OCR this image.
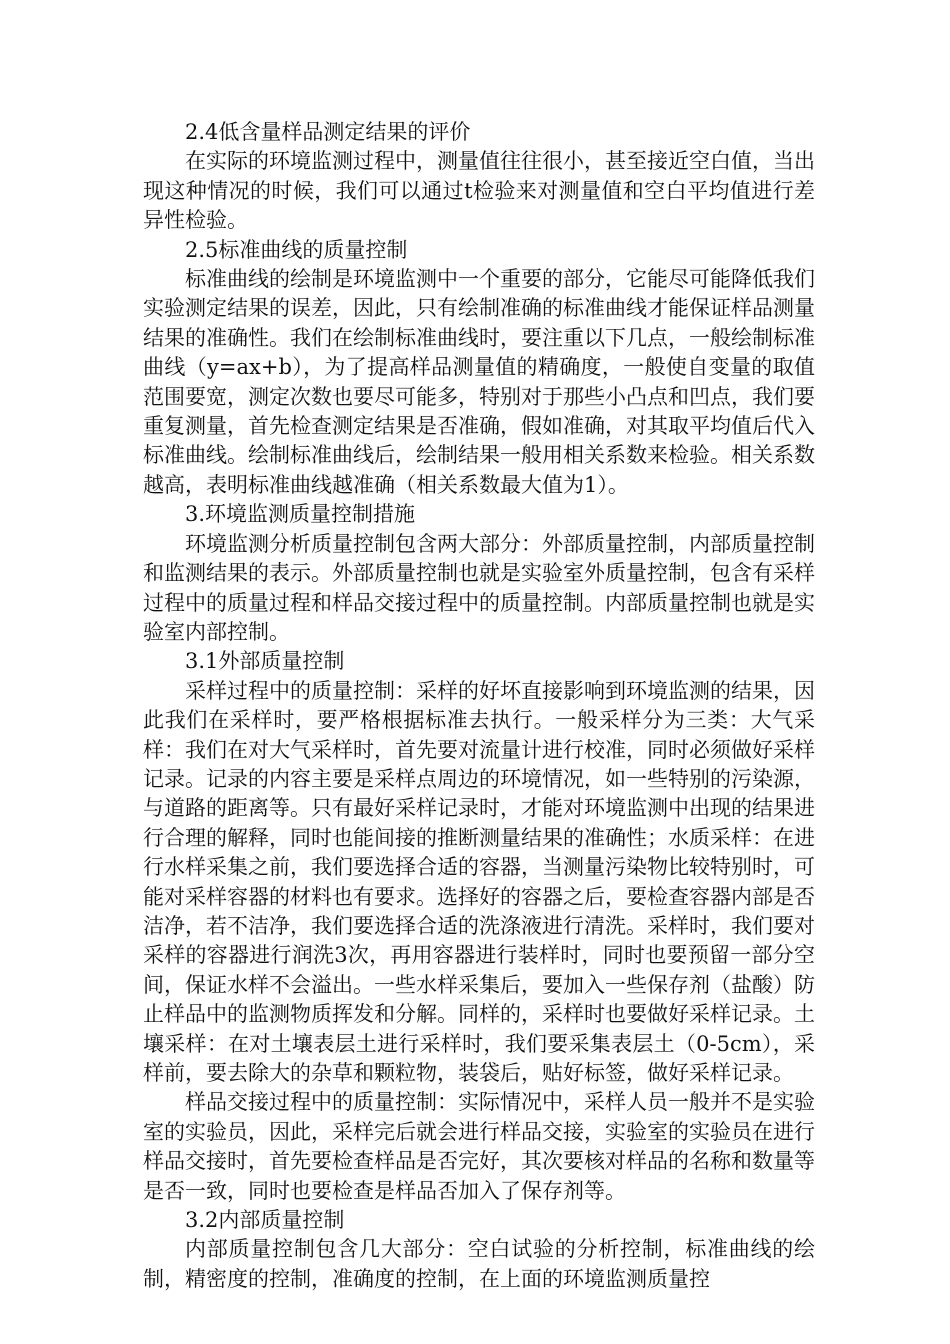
2.4低含量样品测定结果的评价

在实际的环境监测过程中，测量值往往很小，甚至接近空白值，当出现这种情况的时候，我们可以通过t检验来对测量值和空白平均值进行差异性检验。

2.5标准曲线的质量控制

标准曲线的绘制是环境监测中一个重要的部分，它能尽可能降低我们实验测定结果的误差，因此，只有绘制准确的标准曲线才能保证样品测量结果的准确性。我们在绘制标准曲线时，要注重以下几点，一般绘制标准曲线（y=ax+b），为了提高样品测量值的精确度，一般使自变量的取值范围要宽，测定次数也要尽可能多，特别对于那些小凸点和凹点，我们要重复测量，首先检查测定结果是否准确，假如准确，对其取平均值后代入标准曲线。绘制标准曲线后，绘制结果一般用相关系数来检验。相关系数越高，表明标准曲线越准确（相关系数最大值为1）。

3.环境监测质量控制措施

环境监测分析质量控制包含两大部分：外部质量控制，内部质量控制和监测结果的表示。外部质量控制也就是实验室外质量控制，包含有采样过程中的质量过程和样品交接过程中的质量控制。内部质量控制也就是实验室内部控制。

3.1外部质量控制

采样过程中的质量控制：采样的好坏直接影响到环境监测的结果，因此我们在采样时，要严格根据标准去执行。一般采样分为三类：大气采样：我们在对大气采样时，首先要对流量计进行校准，同时必须做好采样记录。记录的内容主要是采样点周边的环境情况，如一些特别的污染源，与道路的距离等。只有最好采样记录时，才能对环境监测中出现的结果进行合理的解释，同时也能间接的推断测量结果的准确性；水质采样：在进行水样采集之前，我们要选择合适的容器，当测量污染物比较特别时，可能对采样容器的材料也有要求。选择好的容器之后，要检查容器内部是否洁净，若不洁净，我们要选择合适的洗涤液进行清洗。采样时，我们要对采样的容器进行润洗3次，再用容器进行装样时，同时也要预留一部分空间，保证水样不会溢出。一些水样采集后，要加入一些保存剂（盐酸）防止样品中的监测物质挥发和分解。同样的，采样时也要做好采样记录。土壤采样：在对土壤表层土进行采样时，我们要采集表层土（0-5cm），采样前，要去除大的杂草和颗粒物，装袋后，贴好标签，做好采样记录。

样品交接过程中的质量控制：实际情况中，采样人员一般并不是实验室的实验员，因此，采样完后就会进行样品交接，实验室的实验员在进行样品交接时，首先要检查样品是否完好，其次要核对样品的名称和数量等是否一致，同时也要检查是样品否加入了保存剂等。

3.2内部质量控制

内部质量控制包含几大部分：空白试验的分析控制，标准曲线的绘制，精密度的控制，准确度的控制，在上面的环境监测质量控
